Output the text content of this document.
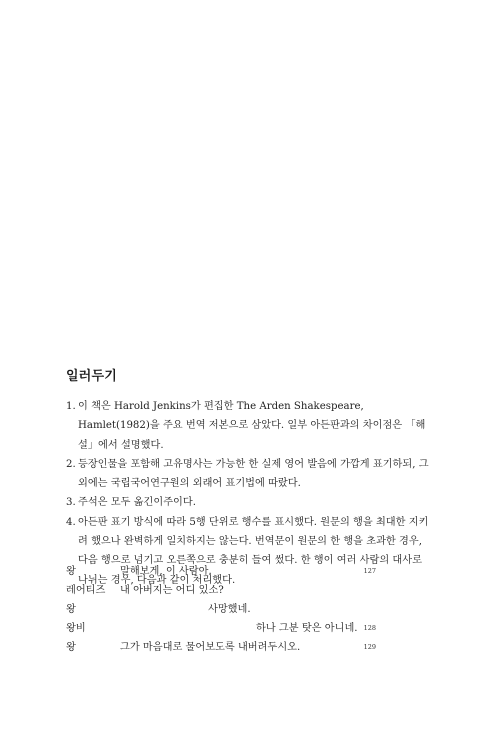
일러두기
1. 이 책은 Harold Jenkins가 편집한 The Arden Shakespeare, Hamlet(1982)을 주요 번역 저본으로 삼았다. 일부 아든판과의 차이점은 「해설」에서 설명했다.
2. 등장인물을 포함해 고유명사는 가능한 한 실제 영어 발음에 가깝게 표기하되, 그 외에는 국립국어연구원의 외래어 표기법에 따랐다.
3. 주석은 모두 옮긴이주이다.
4. 아든판 표기 방식에 따라 5행 단위로 행수를 표시했다. 원문의 행을 최대한 지키려 했으나 완벽하게 일치하지는 않는다. 번역문이 원문의 한 행을 초과한 경우, 다음 행으로 넘기고 오른쪽으로 충분히 들여 썼다. 한 행이 여러 사람의 대사로 나뉘는 경우, 다음과 같이 처리했다.
왕	말해보게, 이 사람아.	127
레어티즈 내 아버지는 어디 있소?
왕	사망했네.
왕비	하나 그분 탓은 아니네. 128
왕	그가 마음대로 물어보도록 내버려두시오.	129
